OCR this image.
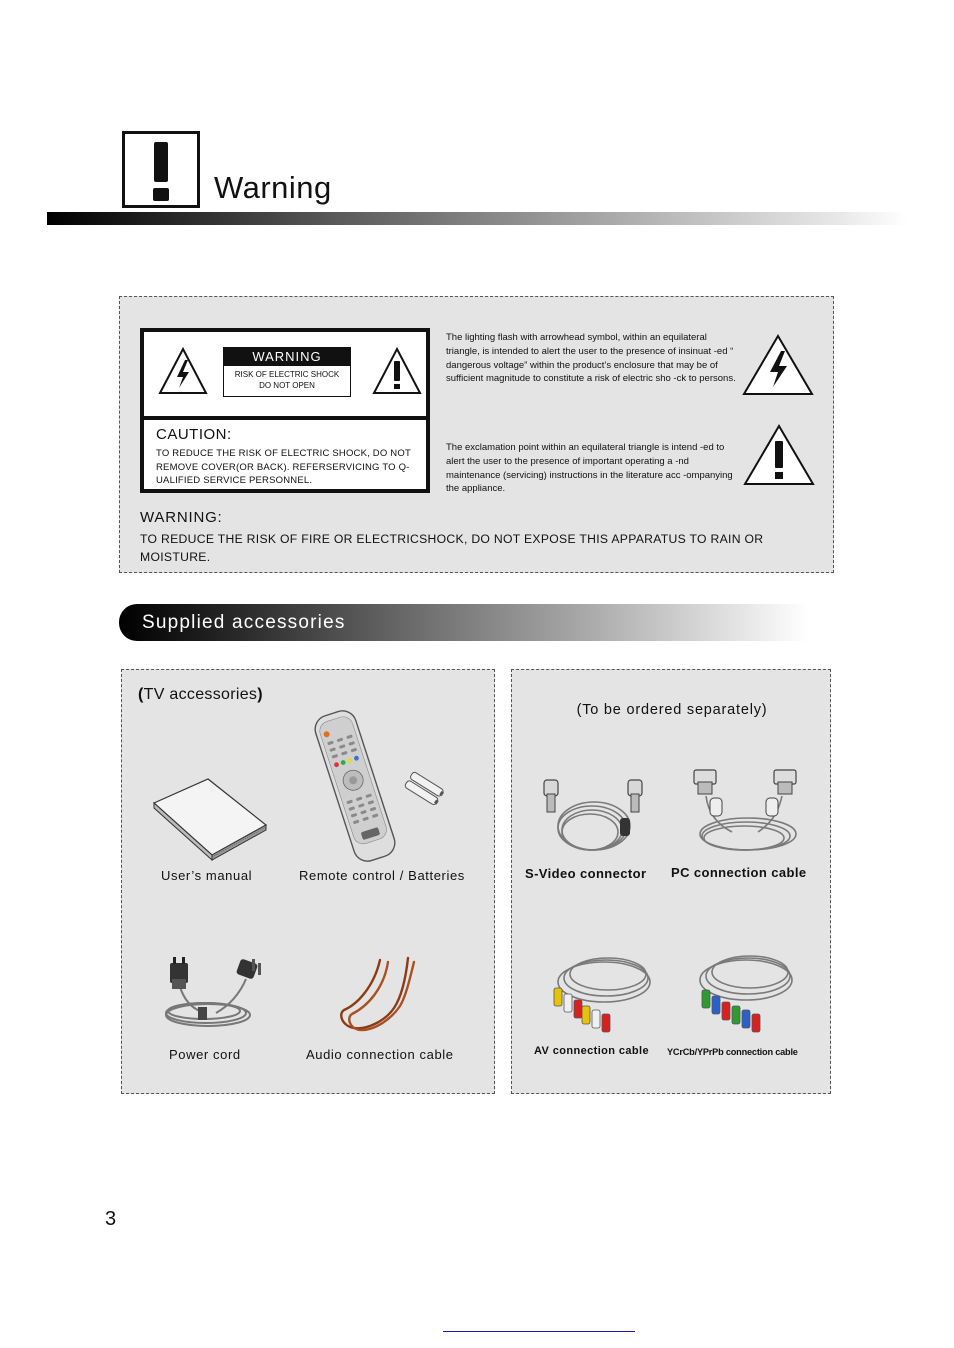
Warning
WARNING
RISK OF ELECTRIC SHOCK
DO NOT OPEN
CAUTION:
TO REDUCE THE RISK OF ELECTRIC SHOCK, DO NOT REMOVE COVER(OR BACK). REFERSERVICING TO Q-UALIFIED SERVICE PERSONNEL.
The lighting flash with arrowhead symbol, within an equilateral triangle, is intended to alert the user to the presence of insinuat -ed “ dangerous voltage” within the product’s enclosure that may be of sufficient magnitude to constitute a risk of electric sho -ck to persons.
The exclamation point within an equilateral triangle is intend -ed to alert the user to the presence of important operating a -nd maintenance (servicing) instructions in the literature acc -ompanying the appliance.
WARNING:
TO REDUCE THE RISK OF FIRE OR ELECTRICSHOCK, DO NOT EXPOSE THIS APPARATUS TO RAIN OR MOISTURE.
Supplied accessories
(TV accessories)
User’s manual	Remote control / Batteries
Power cord	Audio connection cable
(To be ordered separately)
S-Video connector PC connection cable
AV connection cable YCrCb/YPrPb connection cable
3
